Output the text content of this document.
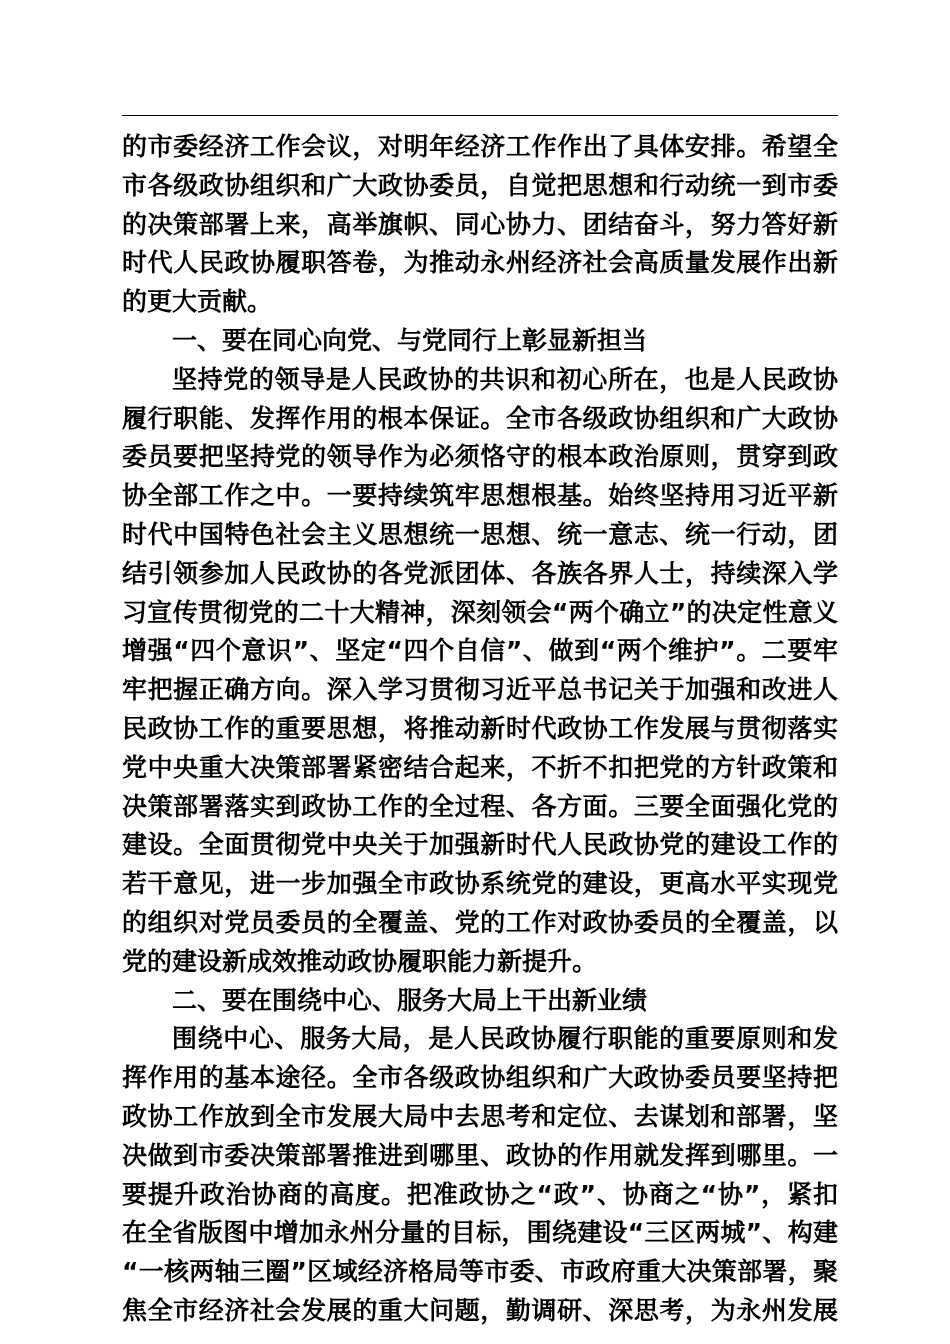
的市委经济工作会议，对明年经济工作作出了具体安排。希望全
市各级政协组织和广大政协委员，自觉把思想和行动统一到市委
的决策部署上来，高举旗帜、同心协力、团结奋斗，努力答好新
时代人民政协履职答卷，为推动永州经济社会高质量发展作出新
的更大贡献。
一、要在同心向党、与党同行上彰显新担当
坚持党的领导是人民政协的共识和初心所在，也是人民政协
履行职能、发挥作用的根本保证。全市各级政协组织和广大政协
委员要把坚持党的领导作为必须恪守的根本政治原则，贯穿到政
协全部工作之中。一要持续筑牢思想根基。始终坚持用习近平新
时代中国特色社会主义思想统一思想、统一意志、统一行动，团
结引领参加人民政协的各党派团体、各族各界人士，持续深入学
习宣传贯彻党的二十大精神，深刻领会“两个确立”的决定性意义
增强“四个意识”、坚定“四个自信”、做到“两个维护”。二要牢
牢把握正确方向。深入学习贯彻习近平总书记关于加强和改进人
民政协工作的重要思想，将推动新时代政协工作发展与贯彻落实
党中央重大决策部署紧密结合起来，不折不扣把党的方针政策和
决策部署落实到政协工作的全过程、各方面。三要全面强化党的
建设。全面贯彻党中央关于加强新时代人民政协党的建设工作的
若干意见，进一步加强全市政协系统党的建设，更高水平实现党
的组织对党员委员的全覆盖、党的工作对政协委员的全覆盖，以
党的建设新成效推动政协履职能力新提升。
二、要在围绕中心、服务大局上干出新业绩
围绕中心、服务大局，是人民政协履行职能的重要原则和发
挥作用的基本途径。全市各级政协组织和广大政协委员要坚持把
政协工作放到全市发展大局中去思考和定位、去谋划和部署，坚
决做到市委决策部署推进到哪里、政协的作用就发挥到哪里。一
要提升政治协商的高度。把准政协之“政”、协商之“协”，紧扣
在全省版图中增加永州分量的目标，围绕建设“三区两城”、构建
“一核两轴三圈”区域经济格局等市委、市政府重大决策部署，聚
焦全市经济社会发展的重大问题，勤调研、深思考，为永州发展
